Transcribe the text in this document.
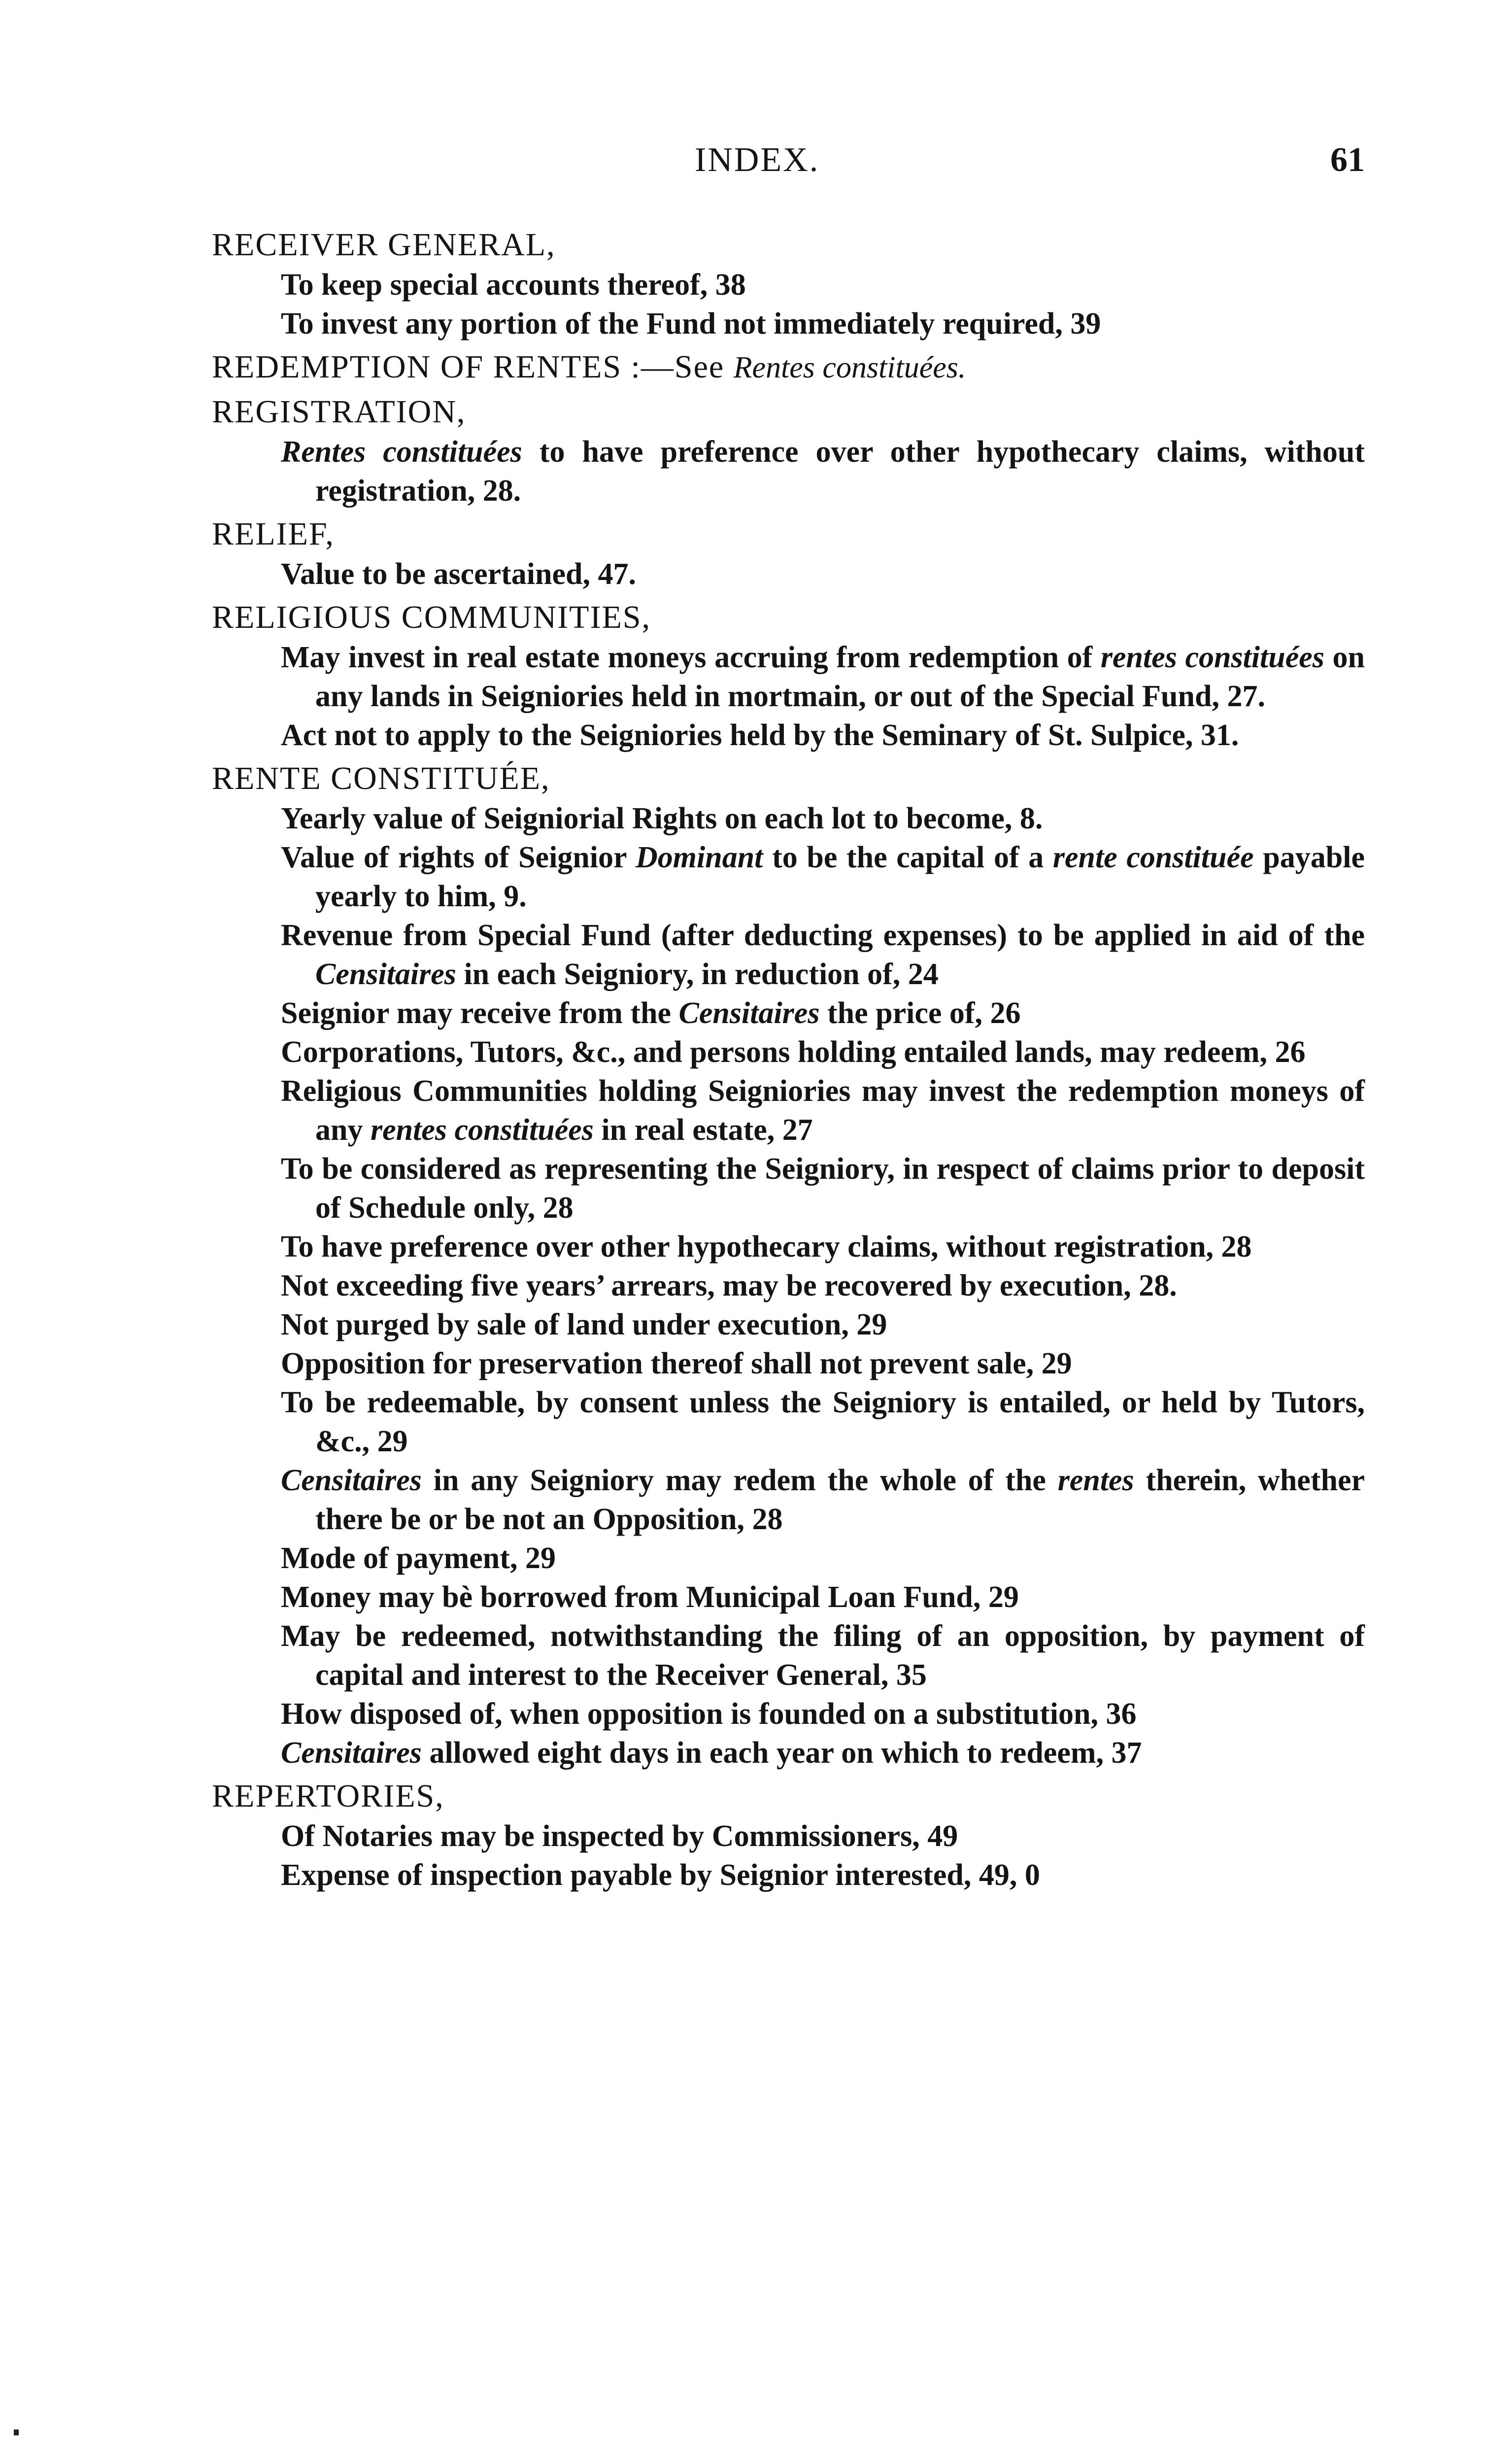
INDEX.	61
RECEIVER GENERAL,
To keep special accounts thereof, 38
To invest any portion of the Fund not immediately required, 39
REDEMPTION OF RENTES :—See Rentes constituées.
REGISTRATION,
Rentes constituées to have preference over other hypothecary claims, without registration, 28.
RELIEF,
Value to be ascertained, 47.
RELIGIOUS COMMUNITIES,
May invest in real estate moneys accruing from redemption of rentes constituées on any lands in Seigniories held in mortmain, or out of the Special Fund, 27.
Act not to apply to the Seigniories held by the Seminary of St. Sulpice, 31.
RENTE CONSTITUÉE,
Yearly value of Seigniorial Rights on each lot to become, 8.
Value of rights of Seignior Dominant to be the capital of a rente constituée payable yearly to him, 9.
Revenue from Special Fund (after deducting expenses) to be applied in aid of the Censitaires in each Seigniory, in reduction of, 24
Seignior may receive from the Censitaires the price of, 26
Corporations, Tutors, &c., and persons holding entailed lands, may redeem, 26
Religious Communities holding Seigniories may invest the redemption moneys of any rentes constituées in real estate, 27
To be considered as representing the Seigniory, in respect of claims prior to deposit of Schedule only, 28
To have preference over other hypothecary claims, without registration, 28
Not exceeding five years’ arrears, may be recovered by execution, 28.
Not purged by sale of land under execution, 29
Opposition for preservation thereof shall not prevent sale, 29
To be redeemable, by consent unless the Seigniory is entailed, or held by Tutors, &c., 29
Censitaires in any Seigniory may redem the whole of the rentes therein, whether there be or be not an Opposition, 28
Mode of payment, 29
Money may bè borrowed from Municipal Loan Fund, 29
May be redeemed, notwithstanding the filing of an opposition, by payment of capital and interest to the Receiver General, 35
How disposed of, when opposition is founded on a substitution, 36
Censitaires allowed eight days in each year on which to redeem, 37
REPERTORIES,
Of Notaries may be inspected by Commissioners, 49
Expense of inspection payable by Seignior interested, 49, 0
